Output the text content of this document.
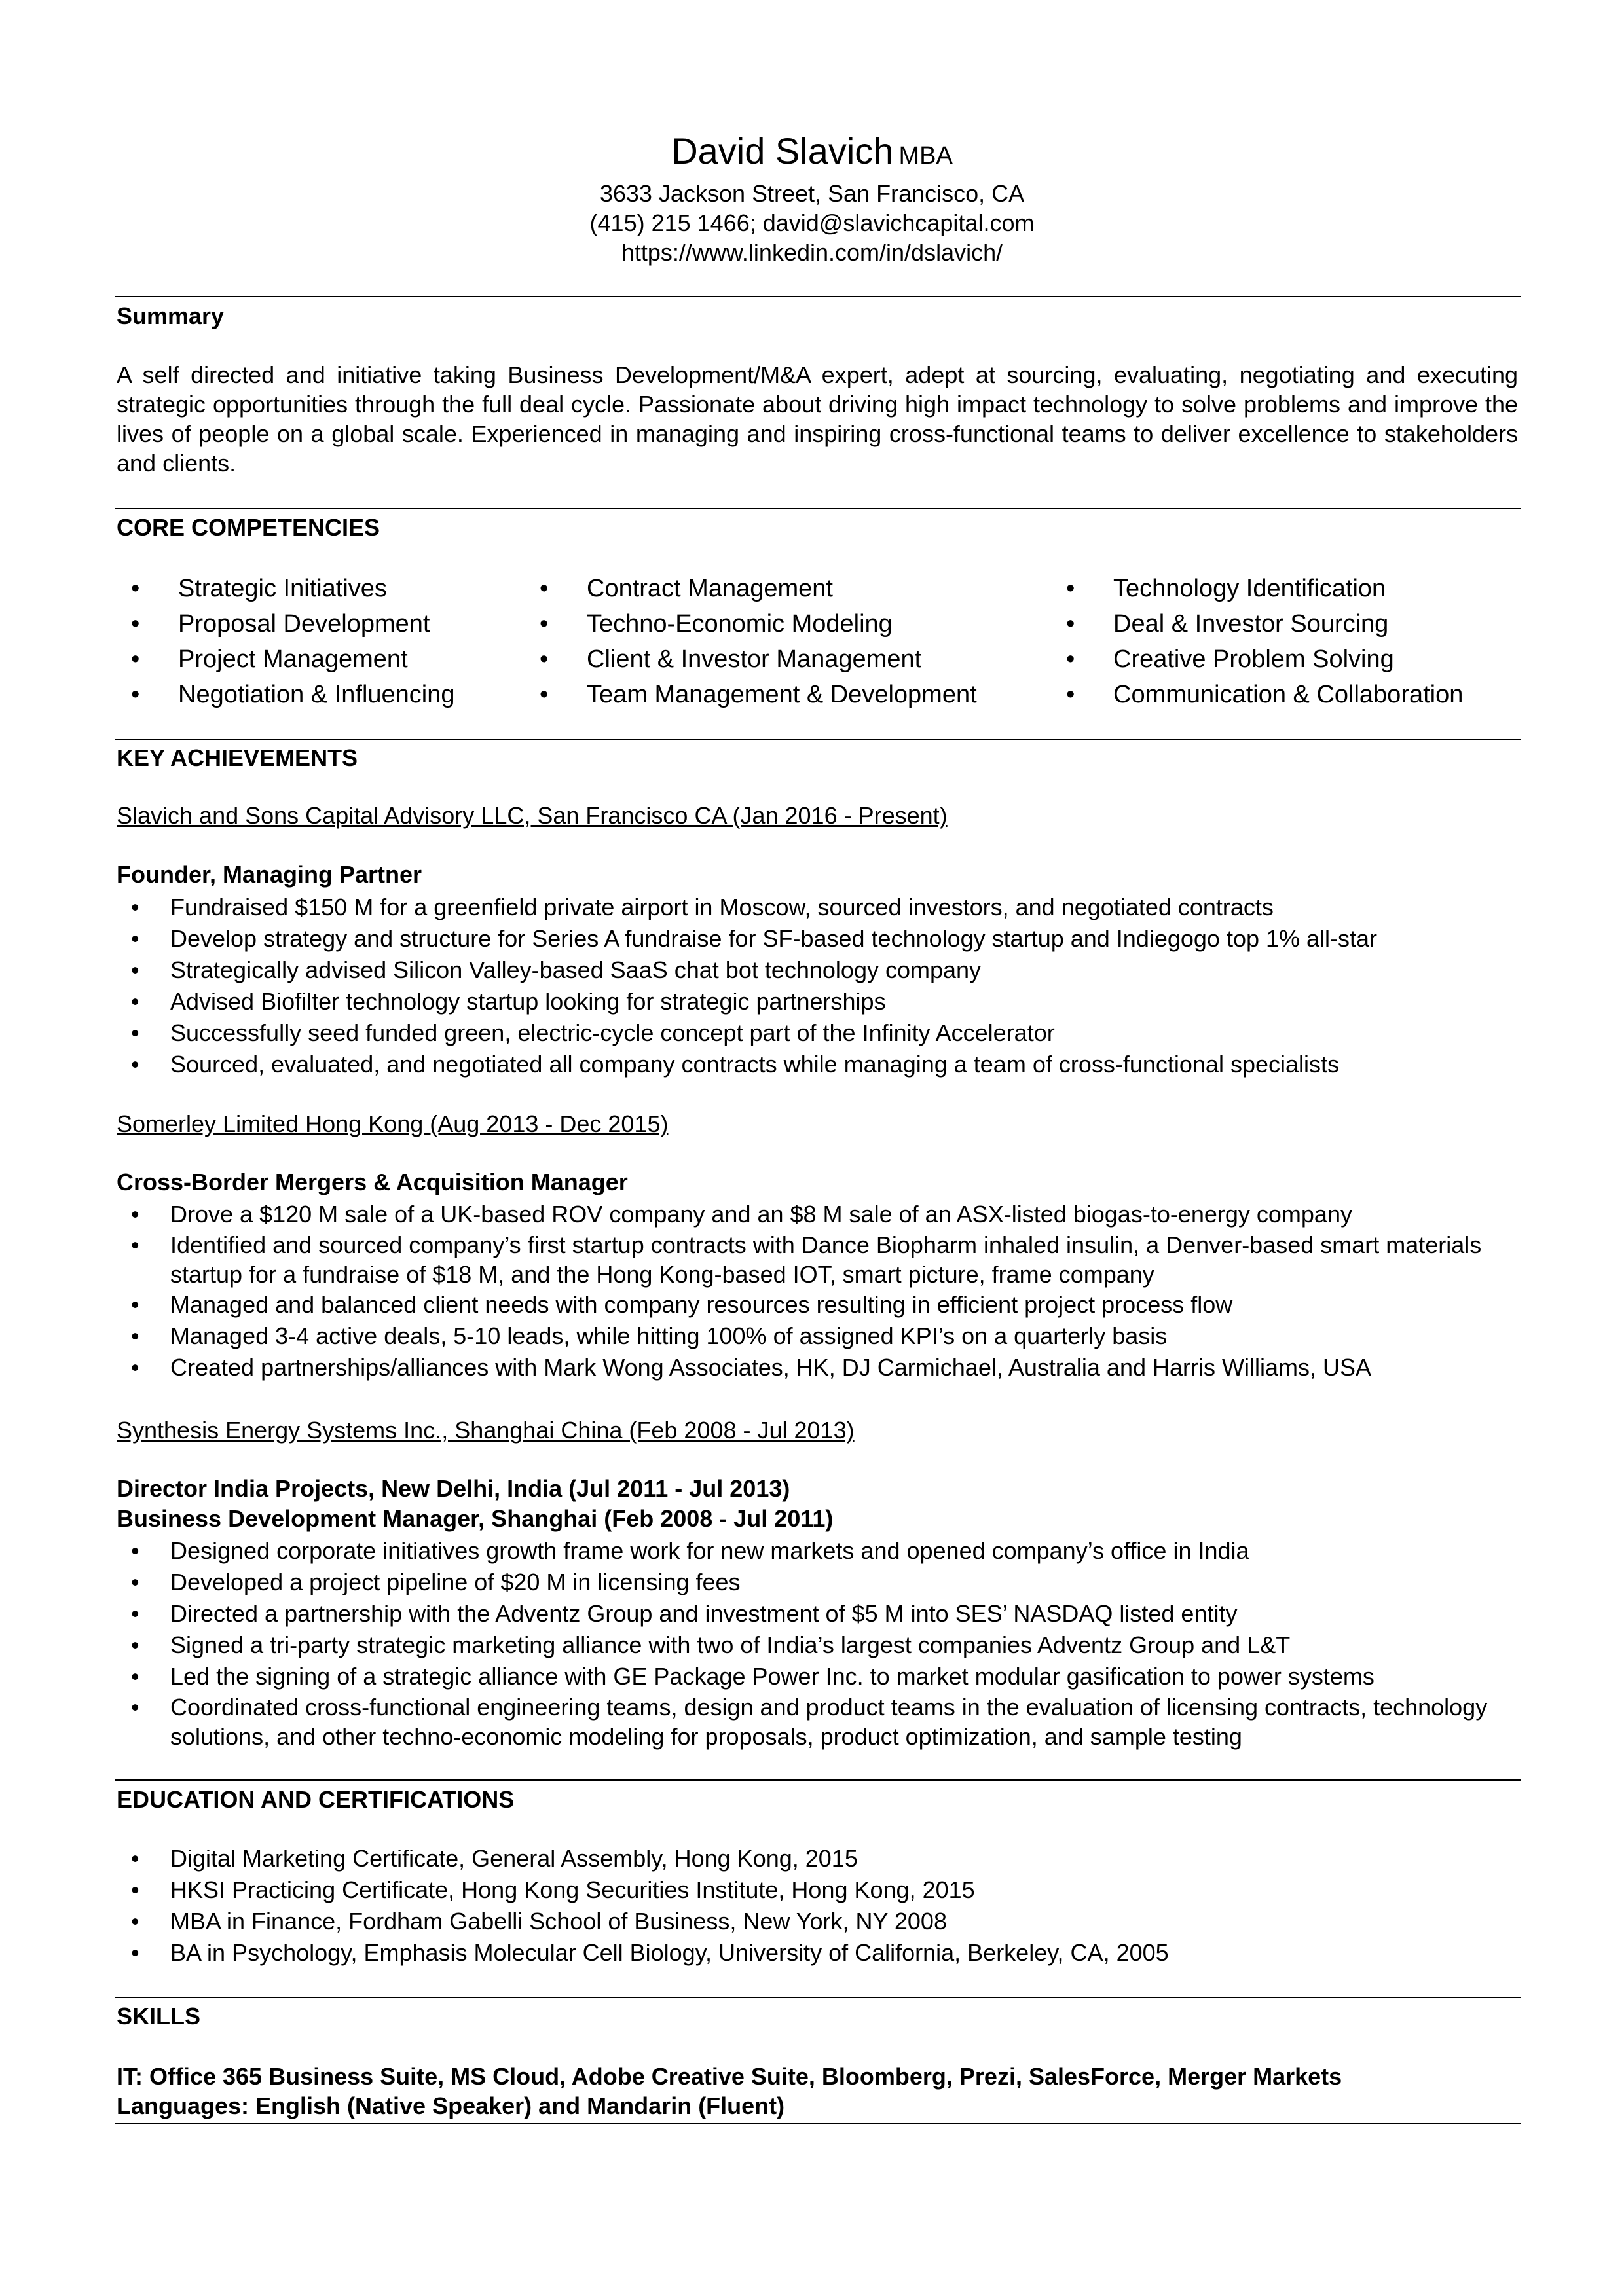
David Slavich MBA
3633 Jackson Street, San Francisco, CA
(415) 215 1466; david@slavichcapital.com
https://www.linkedin.com/in/dslavich/
Summary
A self directed and initiative taking Business Development/M&A expert, adept at sourcing, evaluating, negotiating and executing strategic opportunities through the full deal cycle. Passionate about driving high impact technology to solve problems and improve the lives of people on a global scale. Experienced in managing and inspiring cross-functional teams to deliver excellence to stakeholders and clients.
CORE COMPETENCIES
• Strategic Initiatives
• Proposal Development
• Project Management
• Negotiation & Influencing
• Contract Management
• Techno-Economic Modeling
• Client & Investor Management
• Team Management & Development
• Technology Identification
• Deal & Investor Sourcing
• Creative Problem Solving
• Communication & Collaboration
KEY ACHIEVEMENTS
Slavich and Sons Capital Advisory LLC, San Francisco CA (Jan 2016 - Present)
Founder, Managing Partner
• Fundraised $150 M for a greenfield private airport in Moscow, sourced investors, and negotiated contracts
• Develop strategy and structure for Series A fundraise for SF-based technology startup and Indiegogo top 1% all-star
• Strategically advised Silicon Valley-based SaaS chat bot technology company
• Advised Biofilter technology startup looking for strategic partnerships
• Successfully seed funded green, electric-cycle concept part of the Infinity Accelerator
• Sourced, evaluated, and negotiated all company contracts while managing a team of cross-functional specialists
Somerley Limited Hong Kong (Aug 2013 - Dec 2015)
Cross-Border Mergers & Acquisition Manager
• Drove a $120 M sale of a UK-based ROV company and an $8 M sale of an ASX-listed biogas-to-energy company
• Identified and sourced company’s first startup contracts with Dance Biopharm inhaled insulin, a Denver-based smart materials startup for a fundraise of $18 M, and the Hong Kong-based IOT, smart picture, frame company
• Managed and balanced client needs with company resources resulting in efficient project process flow
• Managed 3-4 active deals, 5-10 leads, while hitting 100% of assigned KPI’s on a quarterly basis
• Created partnerships/alliances with Mark Wong Associates, HK, DJ Carmichael, Australia and Harris Williams, USA
Synthesis Energy Systems Inc., Shanghai China (Feb 2008 - Jul 2013)
Director India Projects, New Delhi, India (Jul 2011 - Jul 2013)
Business Development Manager, Shanghai (Feb 2008 - Jul 2011)
• Designed corporate initiatives growth frame work for new markets and opened company’s office in India
• Developed a project pipeline of $20 M in licensing fees
• Directed a partnership with the Adventz Group and investment of $5 M into SES’ NASDAQ listed entity
• Signed a tri-party strategic marketing alliance with two of India’s largest companies Adventz Group and L&T
• Led the signing of a strategic alliance with GE Package Power Inc. to market modular gasification to power systems
• Coordinated cross-functional engineering teams, design and product teams in the evaluation of licensing contracts, technology solutions, and other techno-economic modeling for proposals, product optimization, and sample testing
EDUCATION AND CERTIFICATIONS
• Digital Marketing Certificate, General Assembly, Hong Kong, 2015
• HKSI Practicing Certificate, Hong Kong Securities Institute, Hong Kong, 2015
• MBA in Finance, Fordham Gabelli School of Business, New York, NY 2008
• BA in Psychology, Emphasis Molecular Cell Biology, University of California, Berkeley, CA, 2005
SKILLS
IT: Office 365 Business Suite, MS Cloud, Adobe Creative Suite, Bloomberg, Prezi, SalesForce, Merger Markets
Languages: English (Native Speaker) and Mandarin (Fluent)
